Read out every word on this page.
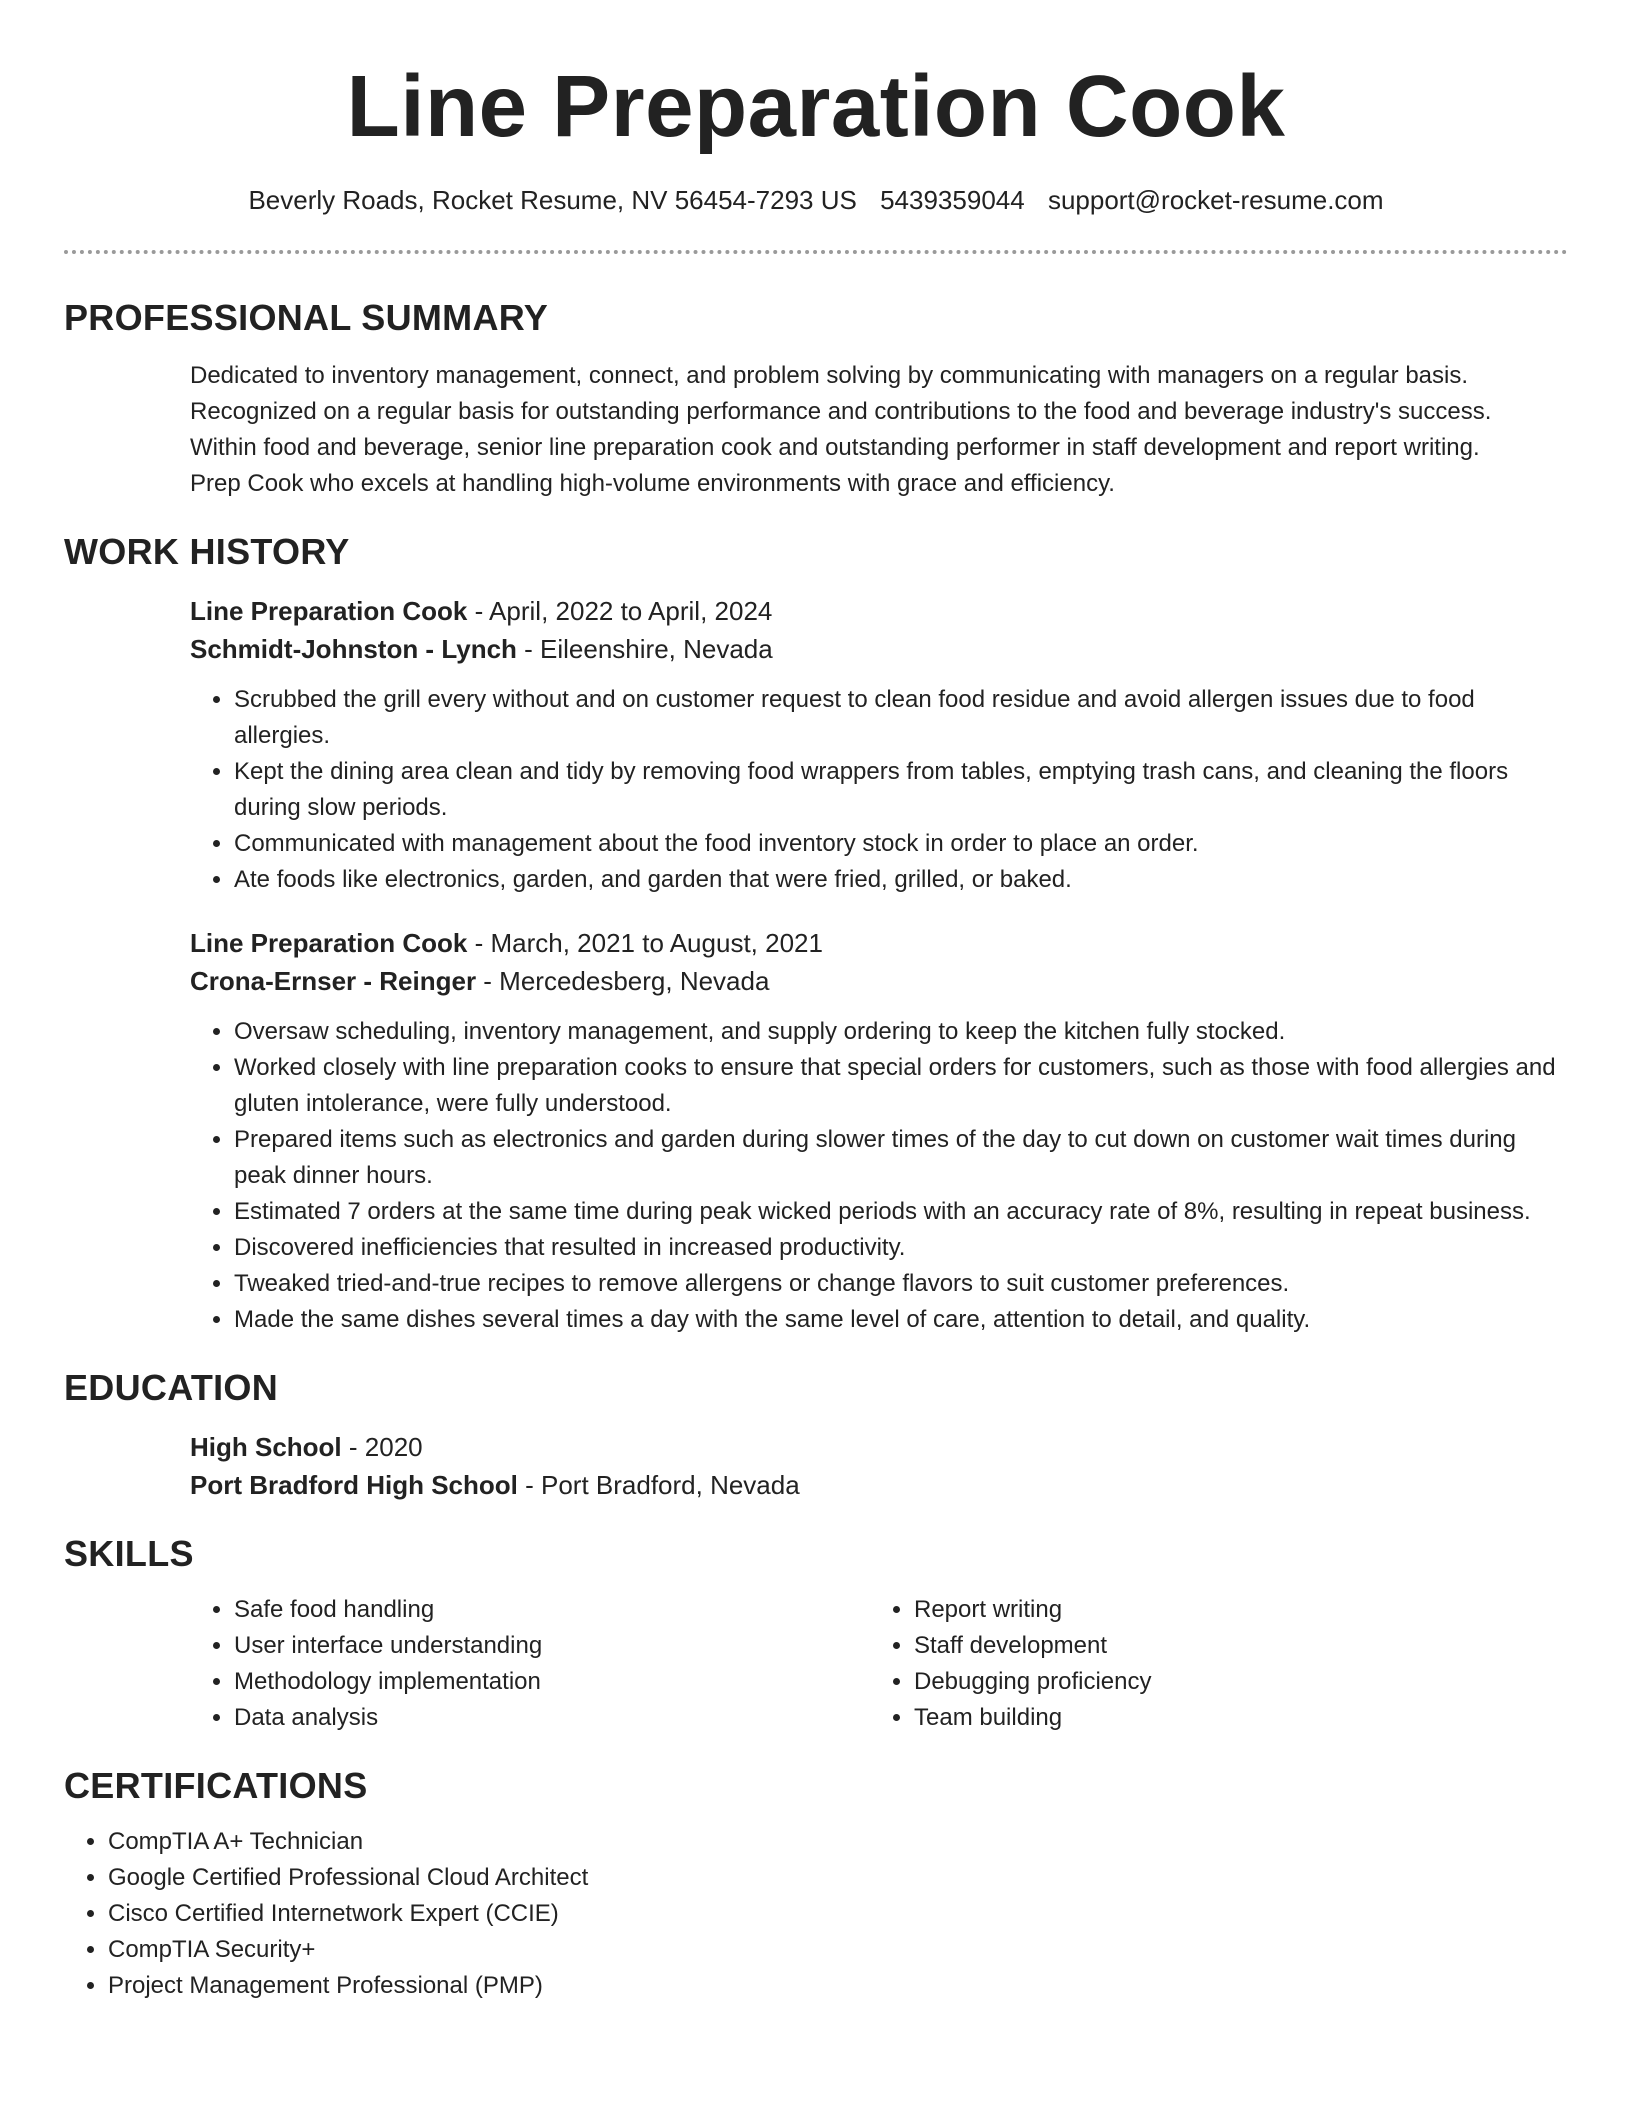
Line Preparation Cook
Beverly Roads, Rocket Resume, NV 56454-7293 US 5439359044 support@rocket-resume.com
PROFESSIONAL SUMMARY
Dedicated to inventory management, connect, and problem solving by communicating with managers on a regular basis.
Recognized on a regular basis for outstanding performance and contributions to the food and beverage industry's success.
Within food and beverage, senior line preparation cook and outstanding performer in staff development and report writing.
Prep Cook who excels at handling high-volume environments with grace and efficiency.
WORK HISTORY
Line Preparation Cook - April, 2022 to April, 2024
Schmidt-Johnston - Lynch - Eileenshire, Nevada
• Scrubbed the grill every without and on customer request to clean food residue and avoid allergen issues due to food allergies.
• Kept the dining area clean and tidy by removing food wrappers from tables, emptying trash cans, and cleaning the floors during slow periods.
• Communicated with management about the food inventory stock in order to place an order.
• Ate foods like electronics, garden, and garden that were fried, grilled, or baked.
Line Preparation Cook - March, 2021 to August, 2021
Crona-Ernser - Reinger - Mercedesberg, Nevada
• Oversaw scheduling, inventory management, and supply ordering to keep the kitchen fully stocked.
• Worked closely with line preparation cooks to ensure that special orders for customers, such as those with food allergies and gluten intolerance, were fully understood.
• Prepared items such as electronics and garden during slower times of the day to cut down on customer wait times during peak dinner hours.
• Estimated 7 orders at the same time during peak wicked periods with an accuracy rate of 8%, resulting in repeat business.
• Discovered inefficiencies that resulted in increased productivity.
• Tweaked tried-and-true recipes to remove allergens or change flavors to suit customer preferences.
• Made the same dishes several times a day with the same level of care, attention to detail, and quality.
EDUCATION
High School - 2020
Port Bradford High School - Port Bradford, Nevada
SKILLS
• Safe food handling
• User interface understanding
• Methodology implementation
• Data analysis
• Report writing
• Staff development
• Debugging proficiency
• Team building
CERTIFICATIONS
• CompTIA A+ Technician
• Google Certified Professional Cloud Architect
• Cisco Certified Internetwork Expert (CCIE)
• CompTIA Security+
• Project Management Professional (PMP)
